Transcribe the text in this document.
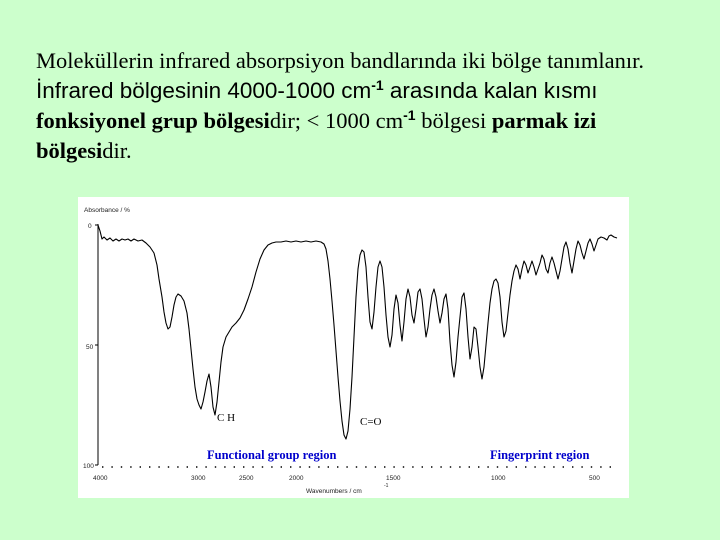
Moleküllerin infrared absorpsiyon bandlarında iki bölge tanımlanır. İnfrared bölgesinin 4000-1000 $cm^{-1}$ arasında kalan kısmı fonksiyonel grup bölgesidir; < 1000 $cm^{-1}$ bölgesi parmak izi bölgesidir.
Absorbance / %
0
50
100
4000	3000	2500	2000	1500	1000	500
Wavenumbers / cm
-1
C H	C=O
Functional group region	Fingerprint region
